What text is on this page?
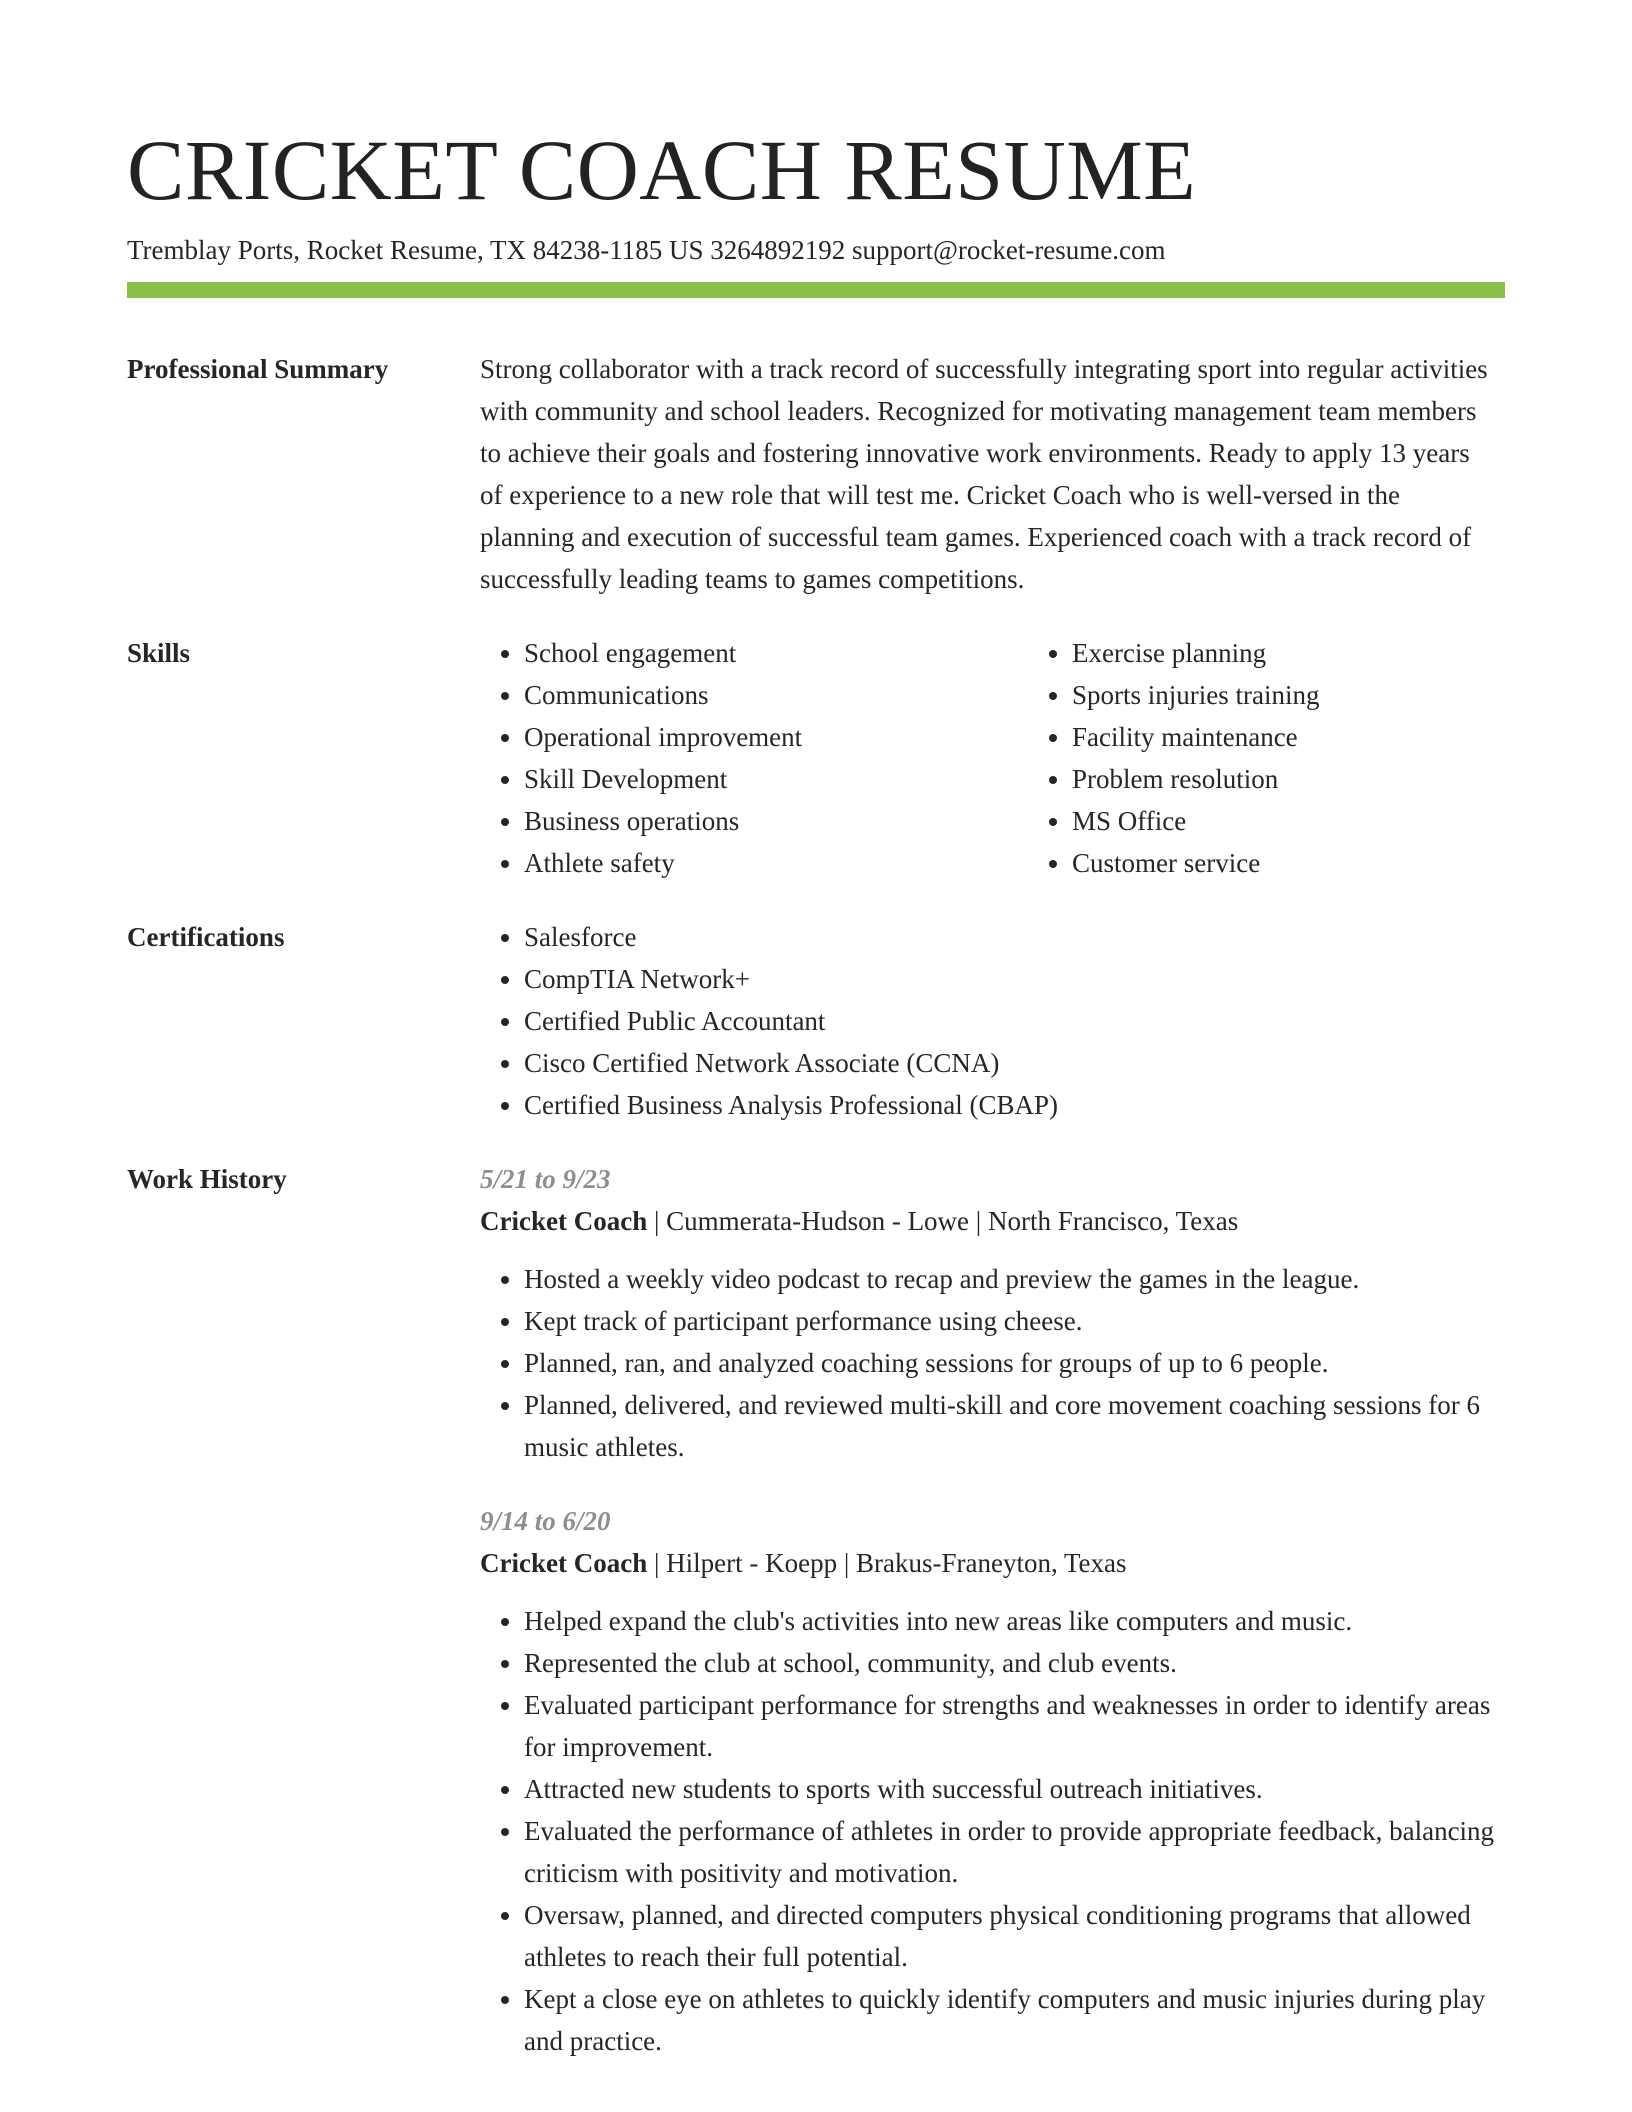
CRICKET COACH RESUME
Tremblay Ports, Rocket Resume, TX 84238-1185 US 3264892192 support@rocket-resume.com
Professional Summary	Strong collaborator with a track record of successfully integrating sport into regular activities with community and school leaders. Recognized for motivating management team members to achieve their goals and fostering innovative work environments. Ready to apply 13 years of experience to a new role that will test me. Cricket Coach who is well-versed in the planning and execution of successful team games. Experienced coach with a track record of successfully leading teams to games competitions.

Skills	• School engagement
• Communications
• Operational improvement
• Skill Development
• Business operations
• Athlete safety
• Exercise planning
• Sports injuries training
• Facility maintenance
• Problem resolution
• MS Office
• Customer service
Certifications	• Salesforce
• CompTIA Network+
• Certified Public Accountant
• Cisco Certified Network Associate (CCNA)
• Certified Business Analysis Professional (CBAP)
Work History	5/21 to 9/23
Cricket Coach | Cummerata-Hudson - Lowe | North Francisco, Texas
• Hosted a weekly video podcast to recap and preview the games in the league.
• Kept track of participant performance using cheese.
• Planned, ran, and analyzed coaching sessions for groups of up to 6 people.
• Planned, delivered, and reviewed multi-skill and core movement coaching sessions for 6 music athletes.
9/14 to 6/20
Cricket Coach | Hilpert - Koepp | Brakus-Franeyton, Texas
• Helped expand the club's activities into new areas like computers and music.
• Represented the club at school, community, and club events.
• Evaluated participant performance for strengths and weaknesses in order to identify areas for improvement.
• Attracted new students to sports with successful outreach initiatives.
• Evaluated the performance of athletes in order to provide appropriate feedback, balancing criticism with positivity and motivation.
• Oversaw, planned, and directed computers physical conditioning programs that allowed athletes to reach their full potential.
• Kept a close eye on athletes to quickly identify computers and music injuries during play and practice.
